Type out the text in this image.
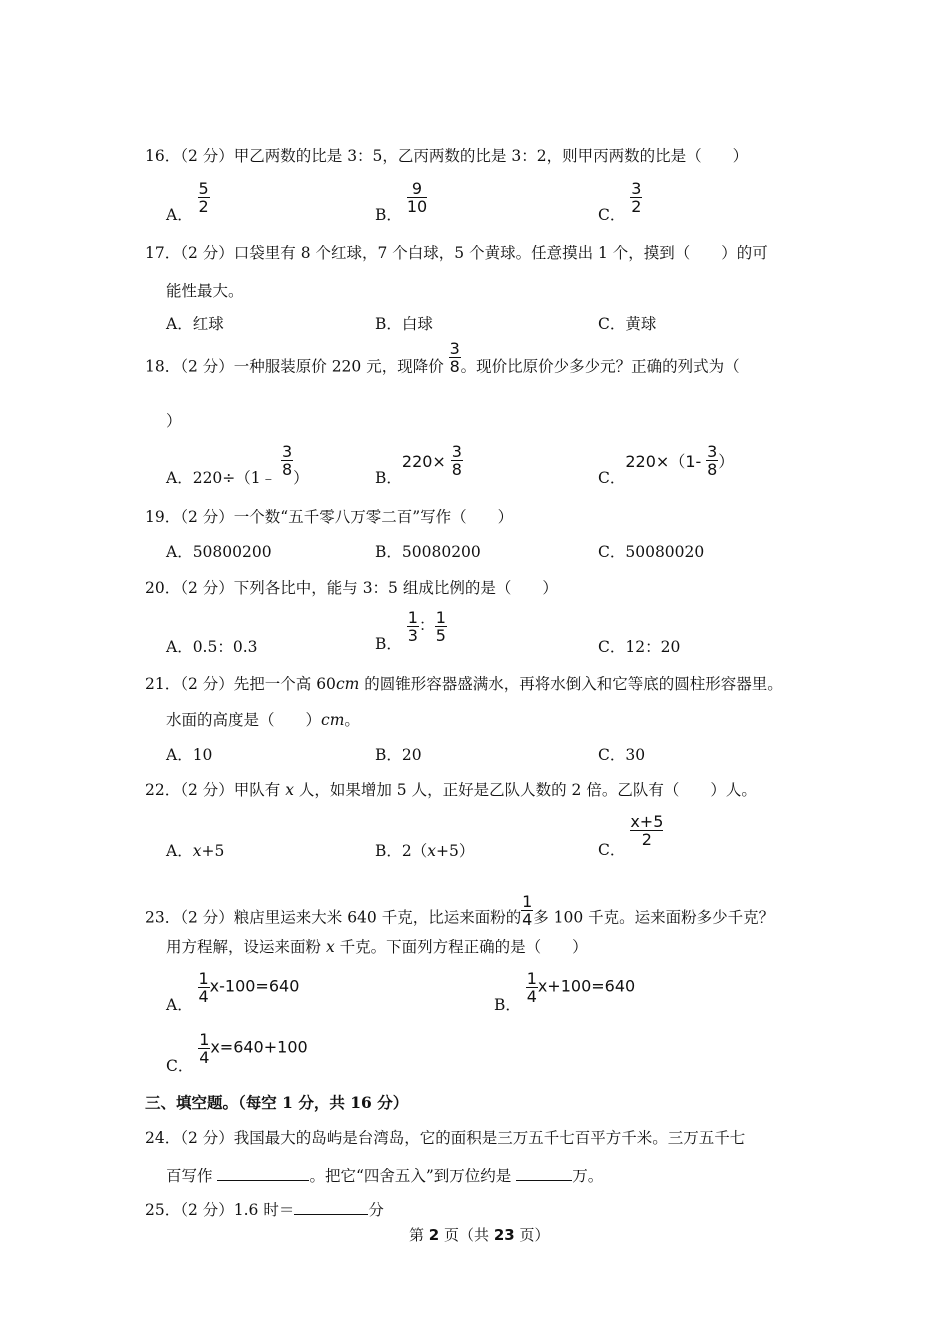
16．（2 分）甲乙两数的比是 3：5，乙丙两数的比是 3：2，则甲丙两数的比是（　　）
A． $\frac{5}{2}$	B． $\frac{9}{10}$	C． $\frac{3}{2}$
17．（2 分）口袋里有 8 个红球，7 个白球，5 个黄球。任意摸出 1 个，摸到（　　）的可
能性最大。
A．红球	B．白球	C．黄球
18．（2 分）一种服装原价 220 元，现降价 $\frac{3}{8}$ 。现价比原价少多少元？正确的列式为（
）
A．220÷（1﹣ $\frac{3}{8}$ ）	B．$220\times \frac{3}{8}$	C．$220\times(1- \frac{3}{8}$ ）
19．（2 分）一个数“五千零八万零二百”写作（　　）
A．50800200	B．50080200	C．50080020
20．（2 分）下列各比中，能与 3：5 组成比例的是（　　）
A．0.5：0.3	B． $\frac{1}{3}$ ： $\frac{1}{5}$
C．12：20
21．（2 分）先把一个高 60cm 的圆锥形容器盛满水，再将水倒入和它等底的圆柱形容器里。
水面的高度是（　　）cm。
A．10	B．20	C．30
22．（2 分）甲队有 x 人，如果增加 5 人，正好是乙队人数的 2 倍。乙队有（　　）人。
A．x+5	B．2（x+5）	C．
$\frac{x+5}{2}$
23．（2 分）粮店里运来大米 640 千克，比运来面粉的 $\frac{1}{4}$ 多 100 千克。运来面粉多少千克？
用方程解，设运来面粉 x 千克。下面列方程正确的是（　　）
A． $\frac{1}{4} x-100=640$
B． $\frac{1}{4} x+100=640$
C． $\frac{1}{4} x=640+100$
三、填空题。（每空 1 分，共 16 分）
24．（2 分）我国最大的岛屿是台湾岛，它的面积是三万五千七百平方千米。三万五千七
百写作	。把它“四舍五入”到万位约是	万。
25．（2 分）1.6 时＝	分
第 2 页（共 23 页）
